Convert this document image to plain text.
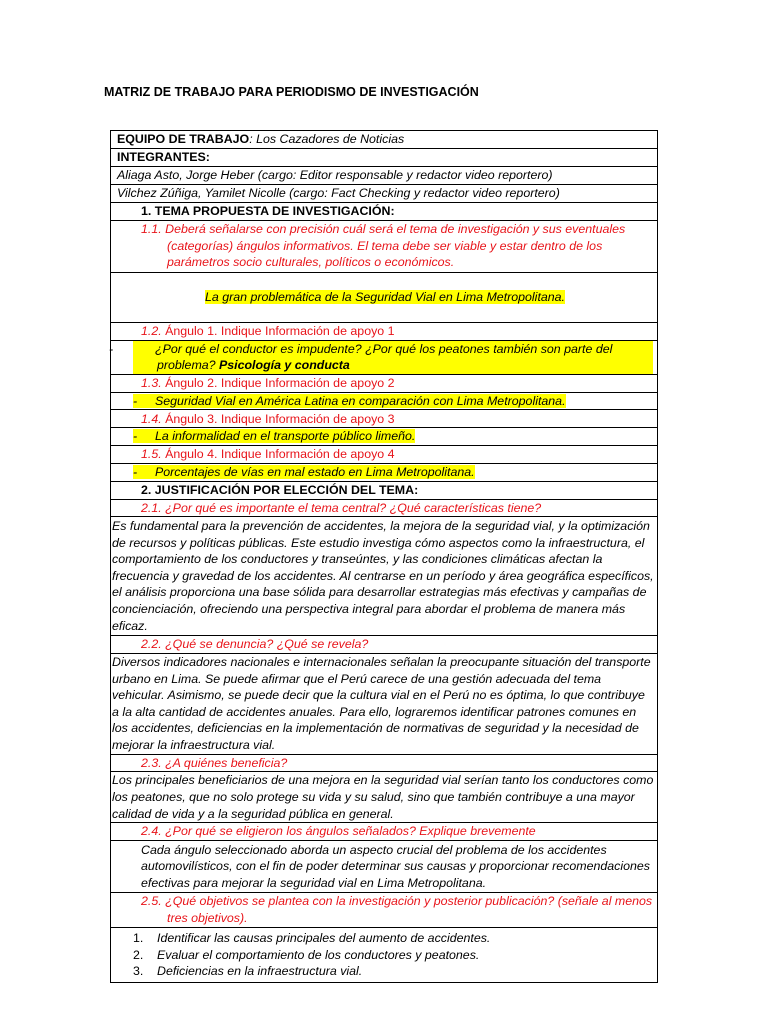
MATRIZ DE TRABAJO PARA PERIODISMO DE INVESTIGACIÓN
EQUIPO DE TRABAJO: Los Cazadores de Noticias
INTEGRANTES:
Aliaga Asto, Jorge Heber (cargo: Editor responsable y redactor video reportero)
Vilchez Zúñiga, Yamilet Nicolle (cargo: Fact Checking y redactor video reportero)
1. TEMA PROPUESTA DE INVESTIGACIÓN:

1.1. Deberá señalarse con precisión cuál será el tema de investigación y sus eventuales (categorías) ángulos informativos. El tema debe ser viable y estar dentro de los parámetros socio culturales, políticos o económicos.

La gran problemática de la Seguridad Vial en Lima Metropolitana.
1.2. Ángulo 1. Indique Información de apoyo 1

-	¿Por qué el conductor es impudente? ¿Por qué los peatones también son parte del problema? Psicología y conducta

1.3. Ángulo 2. Indique Información de apoyo 2
- Seguridad Vial en América Latina en comparación con Lima Metropolitana.
1.4. Ángulo 3. Indique Información de apoyo 3
- La informalidad en el transporte público limeño.
1.5. Ángulo 4. Indique Información de apoyo 4
- Porcentajes de vías en mal estado en Lima Metropolitana.
2. JUSTIFICACIÓN POR ELECCIÓN DEL TEMA:
2.1. ¿Por qué es importante el tema central? ¿Qué características tiene?
Es fundamental para la prevención de accidentes, la mejora de la seguridad vial, y la optimización de recursos y políticas públicas. Este estudio investiga cómo aspectos como la infraestructura, el comportamiento de los conductores y transeúntes, y las condiciones climáticas afectan la frecuencia y gravedad de los accidentes. Al centrarse en un período y área geográfica específicos, el análisis proporciona una base sólida para desarrollar estrategias más efectivas y campañas de concienciación, ofreciendo una perspectiva integral para abordar el problema de manera más eficaz.
2.2. ¿Qué se denuncia? ¿Qué se revela?
Diversos indicadores nacionales e internacionales señalan la preocupante situación del transporte urbano en Lima. Se puede afirmar que el Perú carece de una gestión adecuada del tema vehicular. Asimismo, se puede decir que la cultura vial en el Perú no es óptima, lo que contribuye a la alta cantidad de accidentes anuales. Para ello, lograremos identificar patrones comunes en los accidentes, deficiencias en la implementación de normativas de seguridad y la necesidad de mejorar la infraestructura vial.
2.3. ¿A quiénes beneficia?
Los principales beneficiarios de una mejora en la seguridad vial serían tanto los conductores como los peatones, que no solo protege su vida y su salud, sino que también contribuye a una mayor calidad de vida y a la seguridad pública en general.
2.4. ¿Por qué se eligieron los ángulos señalados? Explique brevemente
Cada ángulo seleccionado aborda un aspecto crucial del problema de los accidentes automovilísticos, con el fin de poder determinar sus causas y proporcionar recomendaciones efectivas para mejorar la seguridad vial en Lima Metropolitana.

2.5. ¿Qué objetivos se plantea con la investigación y posterior publicación? (señale al menos tres objetivos).

1.	Identificar las causas principales del aumento de accidentes.
2.	Evaluar el comportamiento de los conductores y peatones.
3.	Deficiencias en la infraestructura vial.
